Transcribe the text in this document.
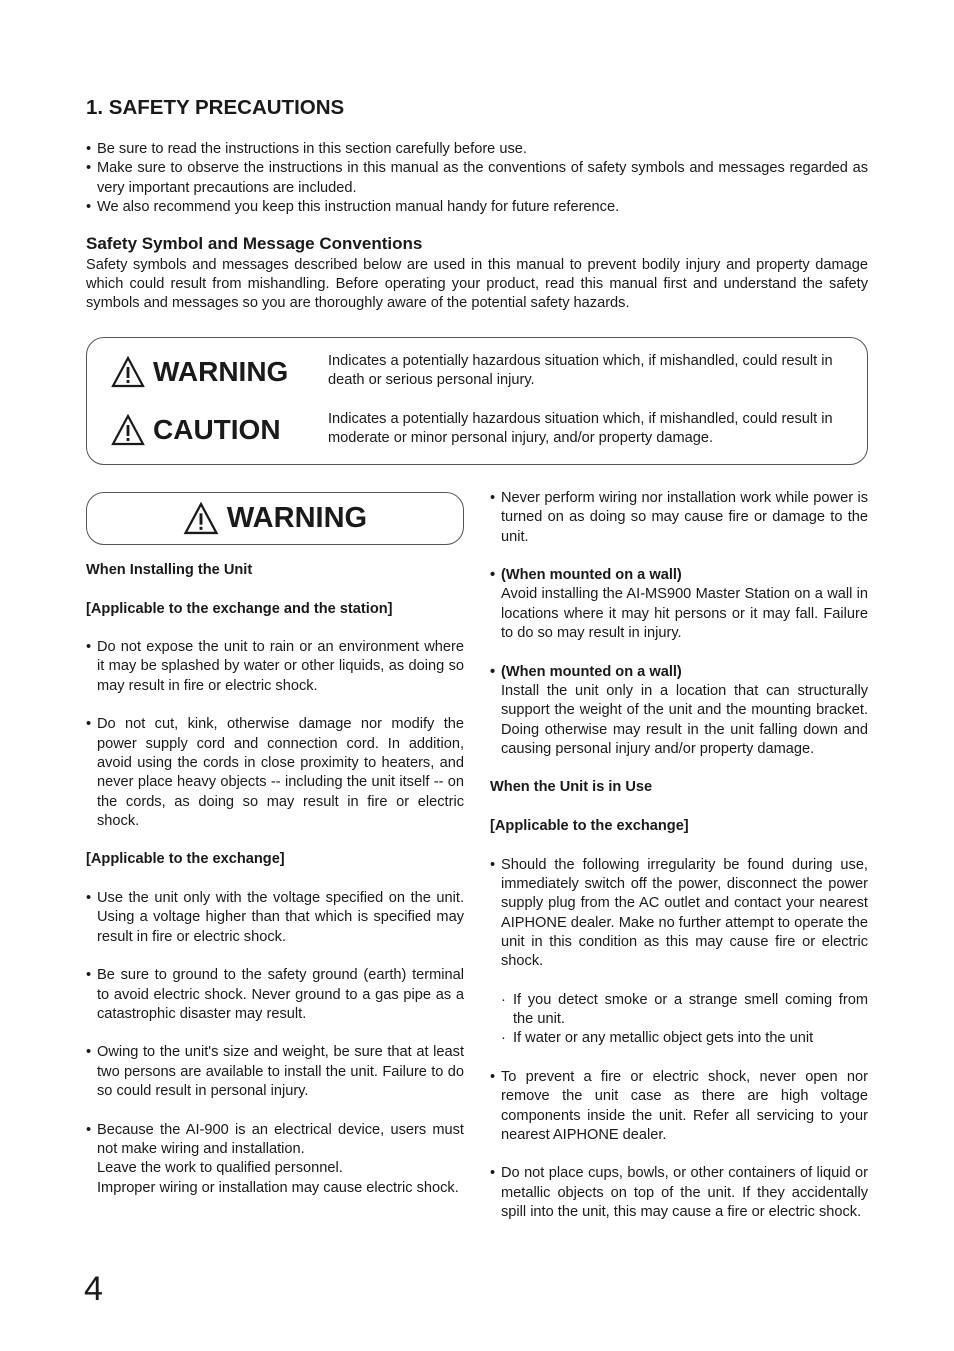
1. SAFETY PRECAUTIONS
• Be sure to read the instructions in this section carefully before use.
• Make sure to observe the instructions in this manual as the conventions of safety symbols and messages regarded as very important precautions are included.
• We also recommend you keep this instruction manual handy for future reference.
Safety Symbol and Message Conventions
Safety symbols and messages described below are used in this manual to prevent bodily injury and property damage which could result from mishandling. Before operating your product, read this manual first and understand the safety symbols and messages so you are thoroughly aware of the potential safety hazards.
WARNING	Indicates a potentially hazardous situation which, if mishandled, could result in death or serious personal injury.
CAUTION	Indicates a potentially hazardous situation which, if mishandled, could result in moderate or minor personal injury, and/or property damage.
WARNING
When Installing the Unit
[Applicable to the exchange and the station]
• Do not expose the unit to rain or an environment where it may be splashed by water or other liquids, as doing so may result in fire or electric shock.
• Do not cut, kink, otherwise damage nor modify the power supply cord and connection cord. In addition, avoid using the cords in close proximity to heaters, and never place heavy objects -- including the unit itself -- on the cords, as doing so may result in fire or electric shock.
[Applicable to the exchange]
• Use the unit only with the voltage specified on the unit. Using a voltage higher than that which is specified may result in fire or electric shock.
• Be sure to ground to the safety ground (earth) terminal to avoid electric shock. Never ground to a gas pipe as a catastrophic disaster may result.
• Owing to the unit's size and weight, be sure that at least two persons are available to install the unit. Failure to do so could result in personal injury.
• Because the AI-900 is an electrical device, users must not make wiring and installation.
Leave the work to qualified personnel.
Improper wiring or installation may cause electric shock.
• Never perform wiring nor installation work while power is turned on as doing so may cause fire or damage to the unit.
• (When mounted on a wall)
Avoid installing the AI-MS900 Master Station on a wall in locations where it may hit persons or it may fall. Failure to do so may result in injury.
• (When mounted on a wall)
Install the unit only in a location that can structurally support the weight of the unit and the mounting bracket. Doing otherwise may result in the unit falling down and causing personal injury and/or property damage.
When the Unit is in Use
[Applicable to the exchange]
• Should the following irregularity be found during use, immediately switch off the power, disconnect the power supply plug from the AC outlet and contact your nearest AIPHONE dealer. Make no further attempt to operate the unit in this condition as this may cause fire or electric shock.
· If you detect smoke or a strange smell coming from the unit.
· If water or any metallic object gets into the unit
• To prevent a fire or electric shock, never open nor remove the unit case as there are high voltage components inside the unit. Refer all servicing to your nearest AIPHONE dealer.
• Do not place cups, bowls, or other containers of liquid or metallic objects on top of the unit. If they accidentally spill into the unit, this may cause a fire or electric shock.
4
